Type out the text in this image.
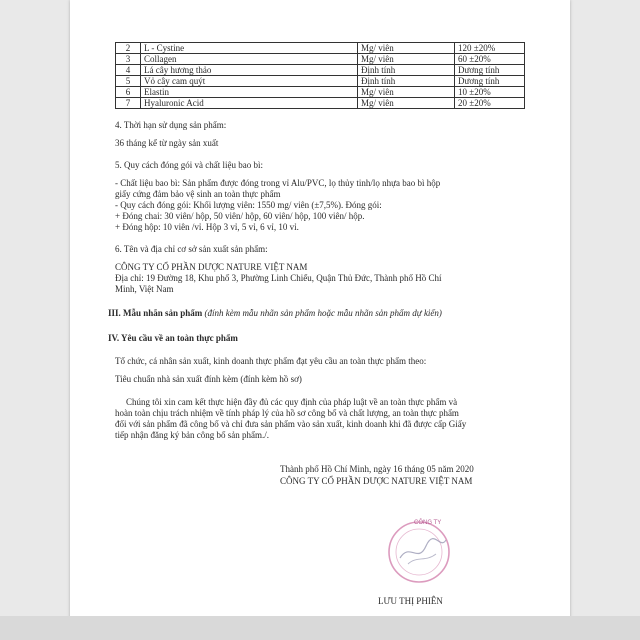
2	L - Cystine	Mg/ viên	120 ±20%
3	Collagen	Mg/ viên	60 ±20%
4	Lá cây hương thảo	Định tính	Dương tính
5	Vỏ cây cam quýt	Định tính	Dương tính
6	Elastin	Mg/ viên	10 ±20%
7	Hyaluronic Acid	Mg/ viên	20 ±20%
4. Thời hạn sử dụng sản phẩm:
36 tháng kể từ ngày sản xuất
5. Quy cách đóng gói và chất liệu bao bì:
- Chất liệu bao bì: Sản phẩm được đóng trong vỉ Alu/PVC, lọ thủy tinh/lọ nhựa bao bì hộp
giấy cứng đảm bảo vệ sinh an toàn thực phẩm
- Quy cách đóng gói: Khối lượng viên: 1550 mg/ viên (±7,5%). Đóng gói:
+ Đóng chai: 30 viên/ hộp, 50 viên/ hộp, 60 viên/ hộp, 100 viên/ hộp.
+ Đóng hộp: 10 viên /vỉ. Hộp 3 vỉ, 5 vỉ, 6 vỉ, 10 vỉ.
6. Tên và địa chỉ cơ sở sản xuất sản phẩm:
CÔNG TY CỔ PHẦN DƯỢC NATURE VIỆT NAM
Địa chỉ: 19 Đường 18, Khu phố 3, Phường Linh Chiểu, Quận Thủ Đức, Thành phố Hồ Chí
Minh, Việt Nam
III. Mẫu nhãn sản phẩm (đính kèm mẫu nhãn sản phẩm hoặc mẫu nhãn sản phẩm dự kiến)
IV. Yêu cầu về an toàn thực phẩm
Tổ chức, cá nhân sản xuất, kinh doanh thực phẩm đạt yêu cầu an toàn thực phẩm theo:
Tiêu chuẩn nhà sản xuất đính kèm (đính kèm hồ sơ)
Chúng tôi xin cam kết thực hiện đầy đủ các quy định của pháp luật về an toàn thực phẩm và
hoàn toàn chịu trách nhiệm về tính pháp lý của hồ sơ công bố và chất lượng, an toàn thực phẩm
đối với sản phẩm đã công bố và chỉ đưa sản phẩm vào sản xuất, kinh doanh khi đã được cấp Giấy
tiếp nhận đăng ký bản công bố sản phẩm./.
Thành phố Hồ Chí Minh, ngày 16 tháng 05 năm 2020
CÔNG TY CỔ PHẦN DƯỢC NATURE VIỆT NAM
CÔNG TY
LƯU THỊ PHIÊN
